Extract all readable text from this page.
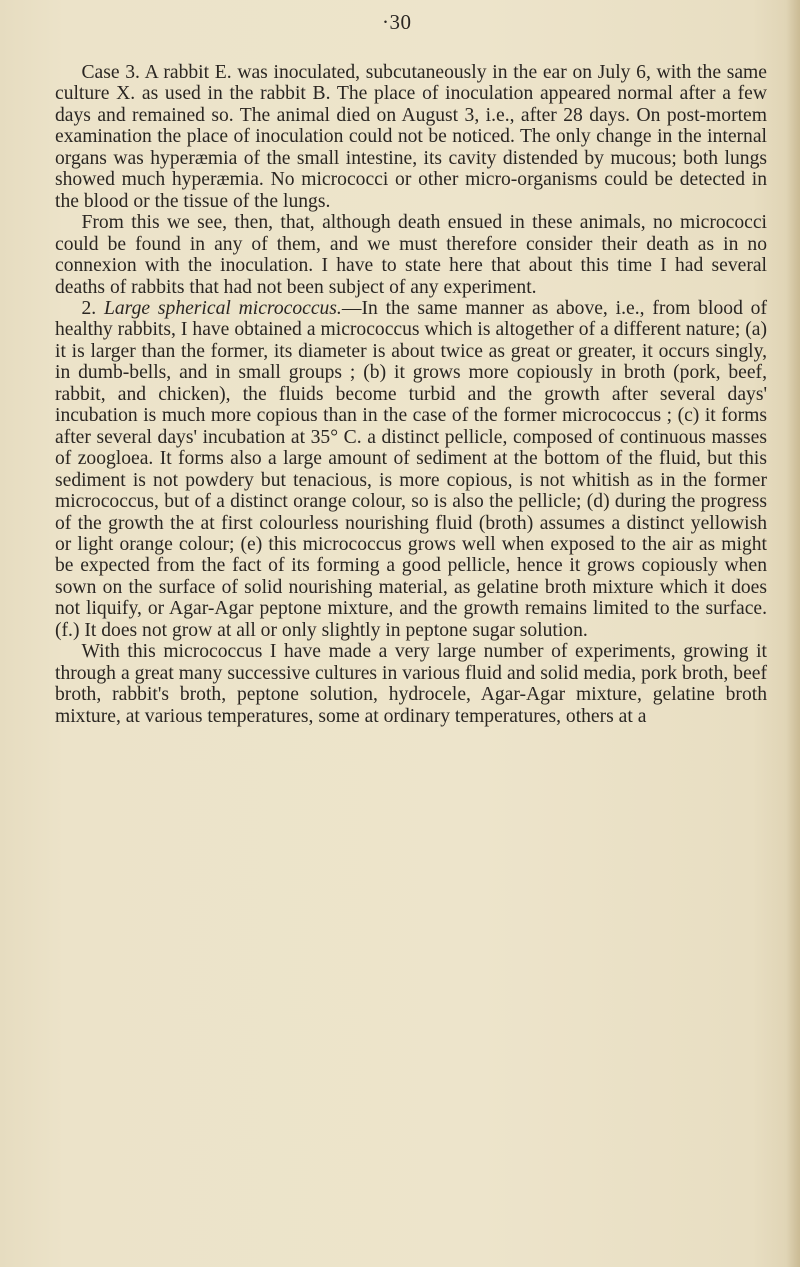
·30

Case 3. A rabbit E. was inoculated, subcutaneously in the ear on July 6, with the same culture X. as used in the rabbit B. The place of inoculation appeared normal after a few days and remained so. The animal died on August 3, i.e., after 28 days. On post-mortem examination the place of inoculation could not be noticed. The only change in the internal organs was hyperæmia of the small intestine, its cavity distended by mucous; both lungs showed much hyperæmia. No micrococci or other micro-organisms could be detected in the blood or the tissue of the lungs.

From this we see, then, that, although death ensued in these animals, no micrococci could be found in any of them, and we must therefore consider their death as in no connexion with the inoculation. I have to state here that about this time I had several deaths of rabbits that had not been subject of any experiment.

2. Large spherical micrococcus.—In the same manner as above, i.e., from blood of healthy rabbits, I have obtained a micrococcus which is altogether of a different nature; (a) it is larger than the former, its diameter is about twice as great or greater, it occurs singly, in dumb-bells, and in small groups ; (b) it grows more copiously in broth (pork, beef, rabbit, and chicken), the fluids become turbid and the growth after several days' incubation is much more copious than in the case of the former micrococcus ; (c) it forms after several days' incubation at 35° C. a distinct pellicle, composed of continuous masses of zoogloea. It forms also a large amount of sediment at the bottom of the fluid, but this sediment is not powdery but tenacious, is more copious, is not whitish as in the former micrococcus, but of a distinct orange colour, so is also the pellicle; (d) during the progress of the growth the at first colourless nourishing fluid (broth) assumes a distinct yellowish or light orange colour; (e) this micrococcus grows well when exposed to the air as might be expected from the fact of its forming a good pellicle, hence it grows copiously when sown on the surface of solid nourishing material, as gelatine broth mixture which it does not liquify, or Agar-Agar peptone mixture, and the growth remains limited to the surface. (f.) It does not grow at all or only slightly in peptone sugar solution.

With this micrococcus I have made a very large number of experiments, growing it through a great many successive cultures in various fluid and solid media, pork broth, beef broth, rabbit's broth, peptone solution, hydrocele, Agar-Agar mixture, gelatine broth mixture, at various temperatures, some at ordinary temperatures, others at a
